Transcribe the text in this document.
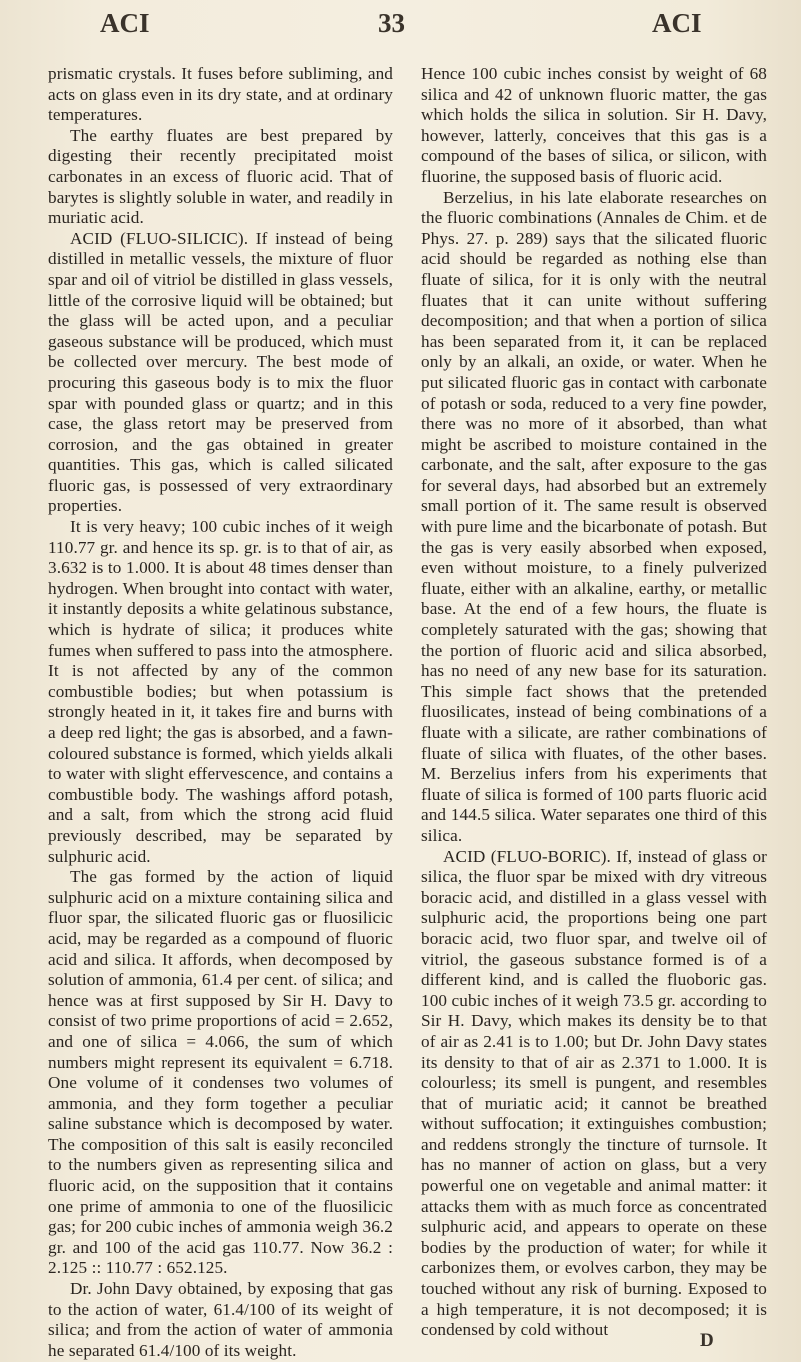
ACI	33	ACI

prismatic crystals. It fuses before subliming, and acts on glass even in its dry state, and at ordinary temperatures.

The earthy fluates are best prepared by digesting their recently precipitated moist carbonates in an excess of fluoric acid. That of barytes is slightly soluble in water, and readily in muriatic acid.

ACID (FLUO-SILICIC). If instead of being distilled in metallic vessels, the mixture of fluor spar and oil of vitriol be distilled in glass vessels, little of the corrosive liquid will be obtained; but the glass will be acted upon, and a peculiar gaseous substance will be produced, which must be collected over mercury. The best mode of procuring this gaseous body is to mix the fluor spar with pounded glass or quartz; and in this case, the glass retort may be preserved from corrosion, and the gas obtained in greater quantities. This gas, which is called silicated fluoric gas, is possessed of very extraordinary properties.

It is very heavy; 100 cubic inches of it weigh 110.77 gr. and hence its sp. gr. is to that of air, as 3.632 is to 1.000. It is about 48 times denser than hydrogen. When brought into contact with water, it instantly deposits a white gelatinous substance, which is hydrate of silica; it produces white fumes when suffered to pass into the atmosphere. It is not affected by any of the common combustible bodies; but when potassium is strongly heated in it, it takes fire and burns with a deep red light; the gas is absorbed, and a fawn-coloured substance is formed, which yields alkali to water with slight effervescence, and contains a combustible body. The washings afford potash, and a salt, from which the strong acid fluid previously described, may be separated by sulphuric acid.

The gas formed by the action of liquid sulphuric acid on a mixture containing silica and fluor spar, the silicated fluoric gas or fluosilicic acid, may be regarded as a compound of fluoric acid and silica. It affords, when decomposed by solution of ammonia, 61.4 per cent. of silica; and hence was at first supposed by Sir H. Davy to consist of two prime proportions of acid = 2.652, and one of silica = 4.066, the sum of which numbers might represent its equivalent = 6.718. One volume of it condenses two volumes of ammonia, and they form together a peculiar saline substance which is decomposed by water. The composition of this salt is easily reconciled to the numbers given as representing silica and fluoric acid, on the supposition that it contains one prime of ammonia to one of the fluosilicic gas; for 200 cubic inches of ammonia weigh 36.2 gr. and 100 of the acid gas 110.77. Now 36.2 : 2.125 :: 110.77 : 652.125.

Dr. John Davy obtained, by exposing that gas to the action of water, 61.4/100 of its weight of silica; and from the action of water of ammonia he separated 61.4/100 of its weight.

Hence 100 cubic inches consist by weight of 68 silica and 42 of unknown fluoric matter, the gas which holds the silica in solution. Sir H. Davy, however, latterly, conceives that this gas is a compound of the bases of silica, or silicon, with fluorine, the supposed basis of fluoric acid.

Berzelius, in his late elaborate researches on the fluoric combinations (Annales de Chim. et de Phys. 27. p. 289) says that the silicated fluoric acid should be regarded as nothing else than fluate of silica, for it is only with the neutral fluates that it can unite without suffering decomposition; and that when a portion of silica has been separated from it, it can be replaced only by an alkali, an oxide, or water. When he put silicated fluoric gas in contact with carbonate of potash or soda, reduced to a very fine powder, there was no more of it absorbed, than what might be ascribed to moisture contained in the carbonate, and the salt, after exposure to the gas for several days, had absorbed but an extremely small portion of it. The same result is observed with pure lime and the bicarbonate of potash. But the gas is very easily absorbed when exposed, even without moisture, to a finely pulverized fluate, either with an alkaline, earthy, or metallic base. At the end of a few hours, the fluate is completely saturated with the gas; showing that the portion of fluoric acid and silica absorbed, has no need of any new base for its saturation. This simple fact shows that the pretended fluosilicates, instead of being combinations of a fluate with a silicate, are rather combinations of fluate of silica with fluates, of the other bases. M. Berzelius infers from his experiments that fluate of silica is formed of 100 parts fluoric acid and 144.5 silica. Water separates one third of this silica.

ACID (FLUO-BORIC). If, instead of glass or silica, the fluor spar be mixed with dry vitreous boracic acid, and distilled in a glass vessel with sulphuric acid, the proportions being one part boracic acid, two fluor spar, and twelve oil of vitriol, the gaseous substance formed is of a different kind, and is called the fluoboric gas. 100 cubic inches of it weigh 73.5 gr. according to Sir H. Davy, which makes its density be to that of air as 2.41 is to 1.00; but Dr. John Davy states its density to that of air as 2.371 to 1.000. It is colourless; its smell is pungent, and resembles that of muriatic acid; it cannot be breathed without suffocation; it extinguishes combustion; and reddens strongly the tincture of turnsole. It has no manner of action on glass, but a very powerful one on vegetable and animal matter: it attacks them with as much force as concentrated sulphuric acid, and appears to operate on these bodies by the production of water; for while it carbonizes them, or evolves carbon, they may be touched without any risk of burning. Exposed to a high temperature, it is not decomposed; it is condensed by cold without

D
